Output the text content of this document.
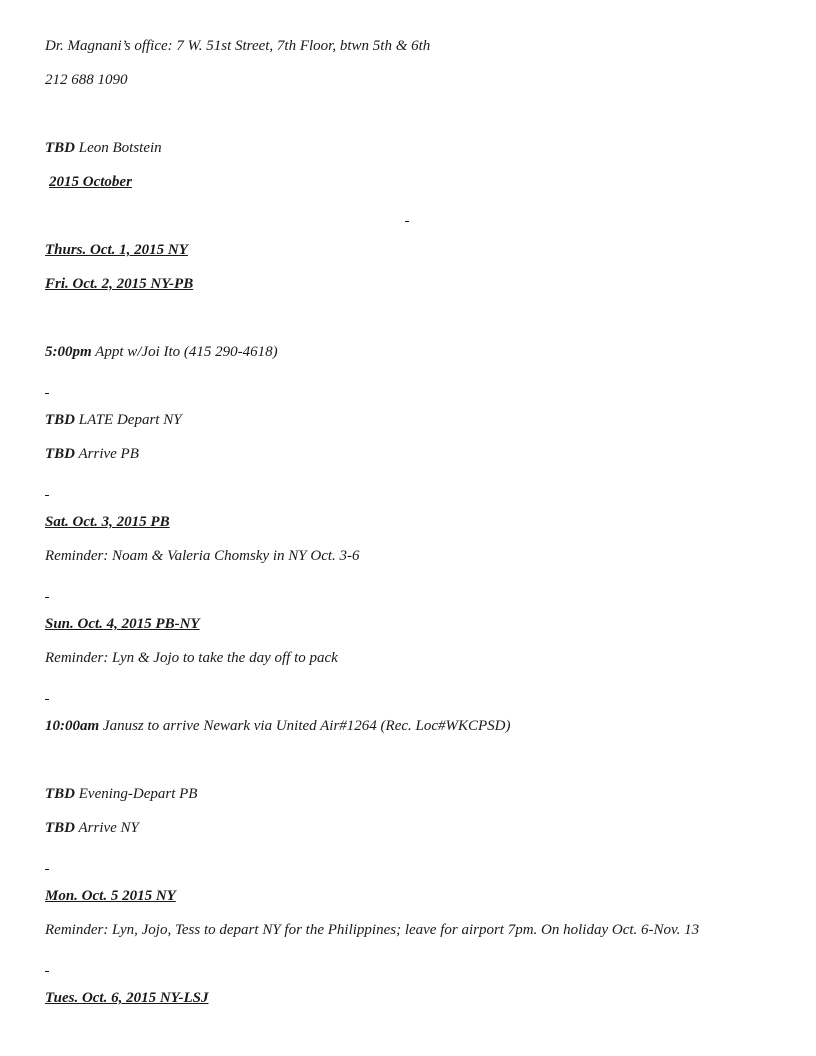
Dr. Magnani’s office: 7 W. 51st Street, 7th Floor, btwn 5th & 6th
212 688 1090
TBD Leon Botstein
2015 October
Thurs. Oct. 1, 2015 NY
Fri. Oct. 2, 2015 NY-PB
5:00pm Appt w/Joi Ito (415 290-4618)
TBD LATE Depart NY
TBD Arrive PB
Sat. Oct. 3, 2015 PB
Reminder: Noam & Valeria Chomsky in NY Oct. 3-6
Sun. Oct. 4, 2015 PB-NY
Reminder: Lyn & Jojo to take the day off to pack
10:00am Janusz to arrive Newark via United Air#1264 (Rec. Loc#WKCPSD)
TBD Evening-Depart PB
TBD Arrive NY
Mon. Oct. 5 2015 NY
Reminder: Lyn, Jojo, Tess to depart NY for the Philippines; leave for airport 7pm. On holiday Oct. 6-Nov. 13
Tues. Oct. 6, 2015 NY-LSJ
